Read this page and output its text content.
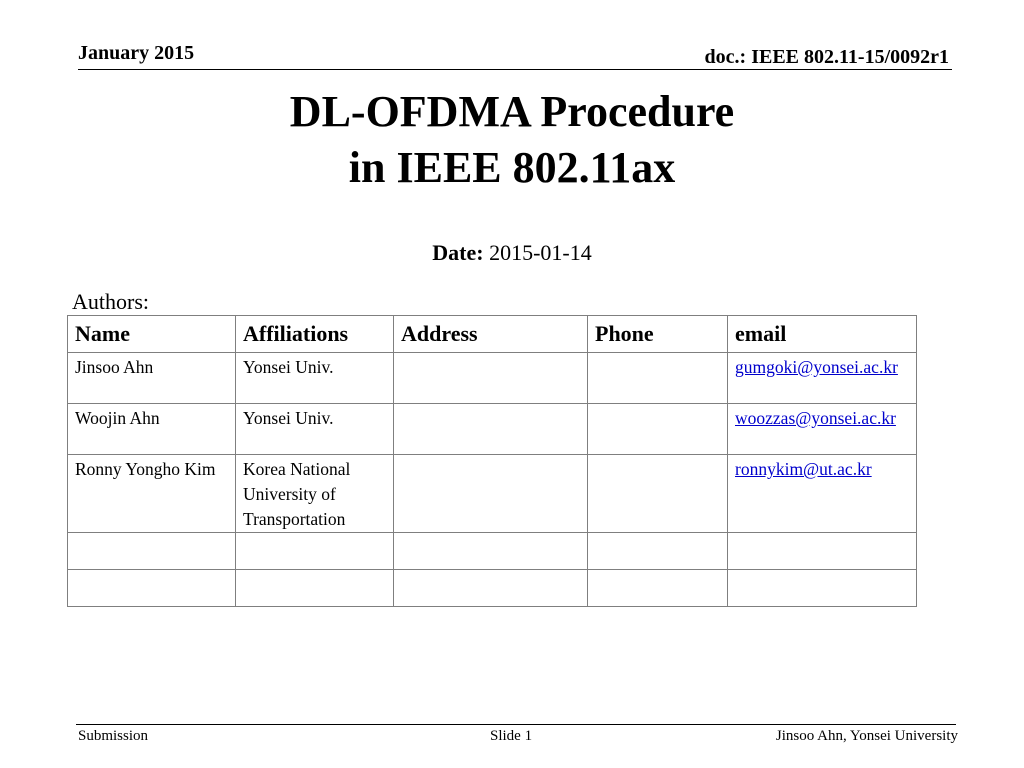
January 2015	doc.: IEEE 802.11-15/0092r1
DL-OFDMA Procedure
in IEEE 802.11ax
Date: 2015-01-14
Authors:
Name	Affiliations	Address	Phone	email
Jinsoo Ahn	Yonsei Univ.			gumgoki@yonsei.ac.kr
Woojin Ahn	Yonsei Univ.			woozzas@yonsei.ac.kr
Ronny Yongho Kim	Korea National University of Transportation			ronnykim@ut.ac.kr

Submission	Slide 1	Jinsoo Ahn, Yonsei University
